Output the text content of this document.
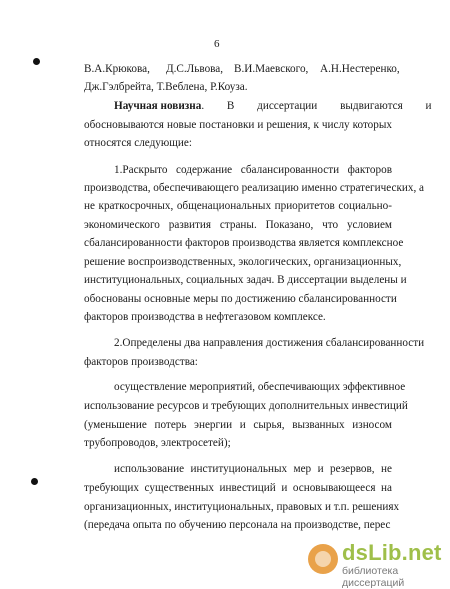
6
В.А.Крюкова, Д.С.Львова, В.И.Маевского, А.Н.Нестеренко,
Дж.Гэлбрейта, Т.Веблена, Р.Коуза.
Научная новизна. В диссертации выдвигаются и
обосновываются новые постановки и решения, к числу которых
относятся следующие:
1.Раскрыто содержание сбалансированности факторов
производства, обеспечивающего реализацию именно стратегических, а
не краткосрочных, общенациональных приоритетов социально-
экономического развития страны. Показано, что условием
сбалансированности факторов производства является комплексное
решение воспроизводственных, экологических, организационных,
институциональных, социальных задач. В диссертации выделены и
обоснованы основные меры по достижению сбалансированности
факторов производства в нефтегазовом комплексе.
2.Определены два направления достижения сбалансированности
факторов производства:
осуществление мероприятий, обеспечивающих эффективное
использование ресурсов и требующих дополнительных инвестиций
(уменьшение потерь энергии и сырья, вызванных износом
трубопроводов, электросетей);
использование институциональных мер и резервов, не
требующих существенных инвестиций и основывающееся на
организационных, институциональных, правовых и т.п. решениях
(передача опыта по обучению персонала на производстве, перес
dsLib.net
библиотека диссертаций
